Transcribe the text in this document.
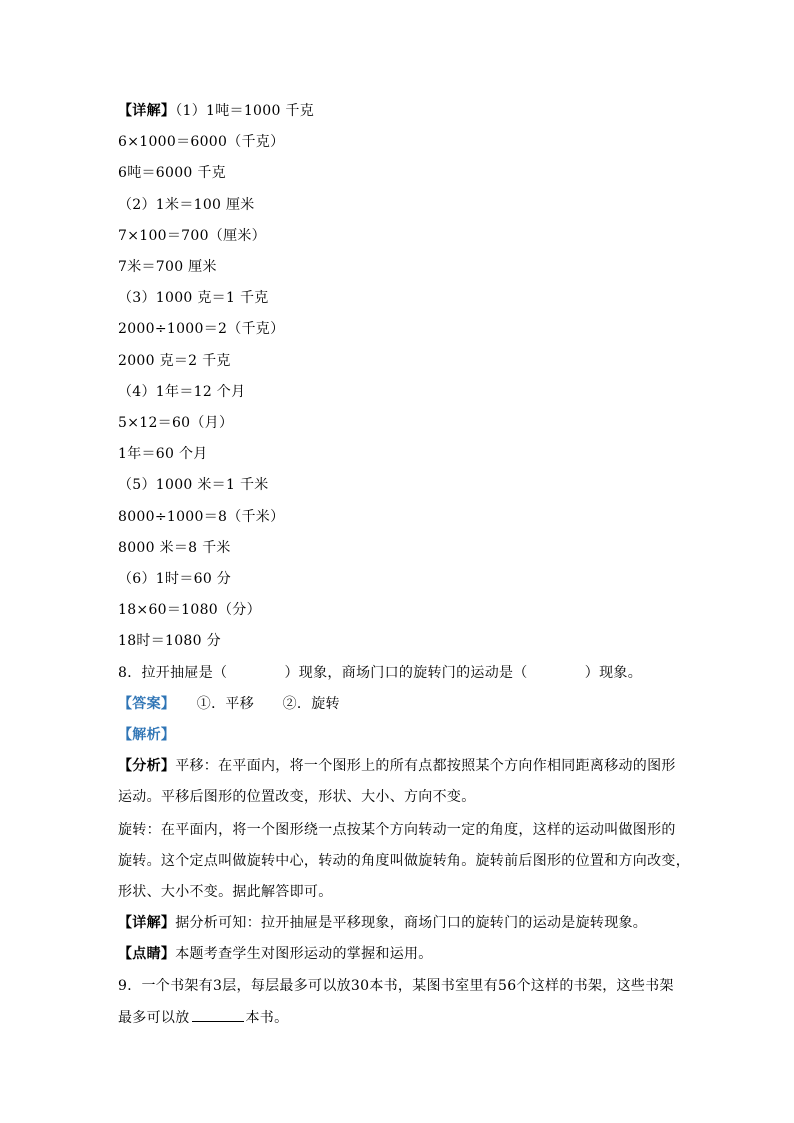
【详解】（1）1吨＝1000 千克
6×1000＝6000（千克）
6吨＝6000 千克
（2）1米＝100 厘米
7×100＝700（厘米）
7米＝700 厘米
（3）1000 克＝1 千克
2000÷1000＝2（千克）
2000 克＝2 千克
（4）1年＝12 个月
5×12＝60（月）
1年＝60 个月
（5）1000 米＝1 千米
8000÷1000＝8（千米）
8000 米＝8 千米
（6）1时＝60 分
18×60＝1080（分）
18时＝1080 分
8．拉开抽屉是（　　　　）现象，商场门口的旋转门的运动是（　　　　）现象。
【答案】　　①．平移　　②．旋转
【解析】
【分析】平移：在平面内，将一个图形上的所有点都按照某个方向作相同距离移动的图形
运动。平移后图形的位置改变，形状、大小、方向不变。
旋转：在平面内，将一个图形绕一点按某个方向转动一定的角度，这样的运动叫做图形的
旋转。这个定点叫做旋转中心，转动的角度叫做旋转角。旋转前后图形的位置和方向改变，
形状、大小不变。据此解答即可。
【详解】据分析可知：拉开抽屉是平移现象，商场门口的旋转门的运动是旋转现象。
【点睛】本题考查学生对图形运动的掌握和运用。
9．一个书架有3层，每层最多可以放30本书，某图书室里有56个这样的书架，这些书架
最多可以放	本书。
